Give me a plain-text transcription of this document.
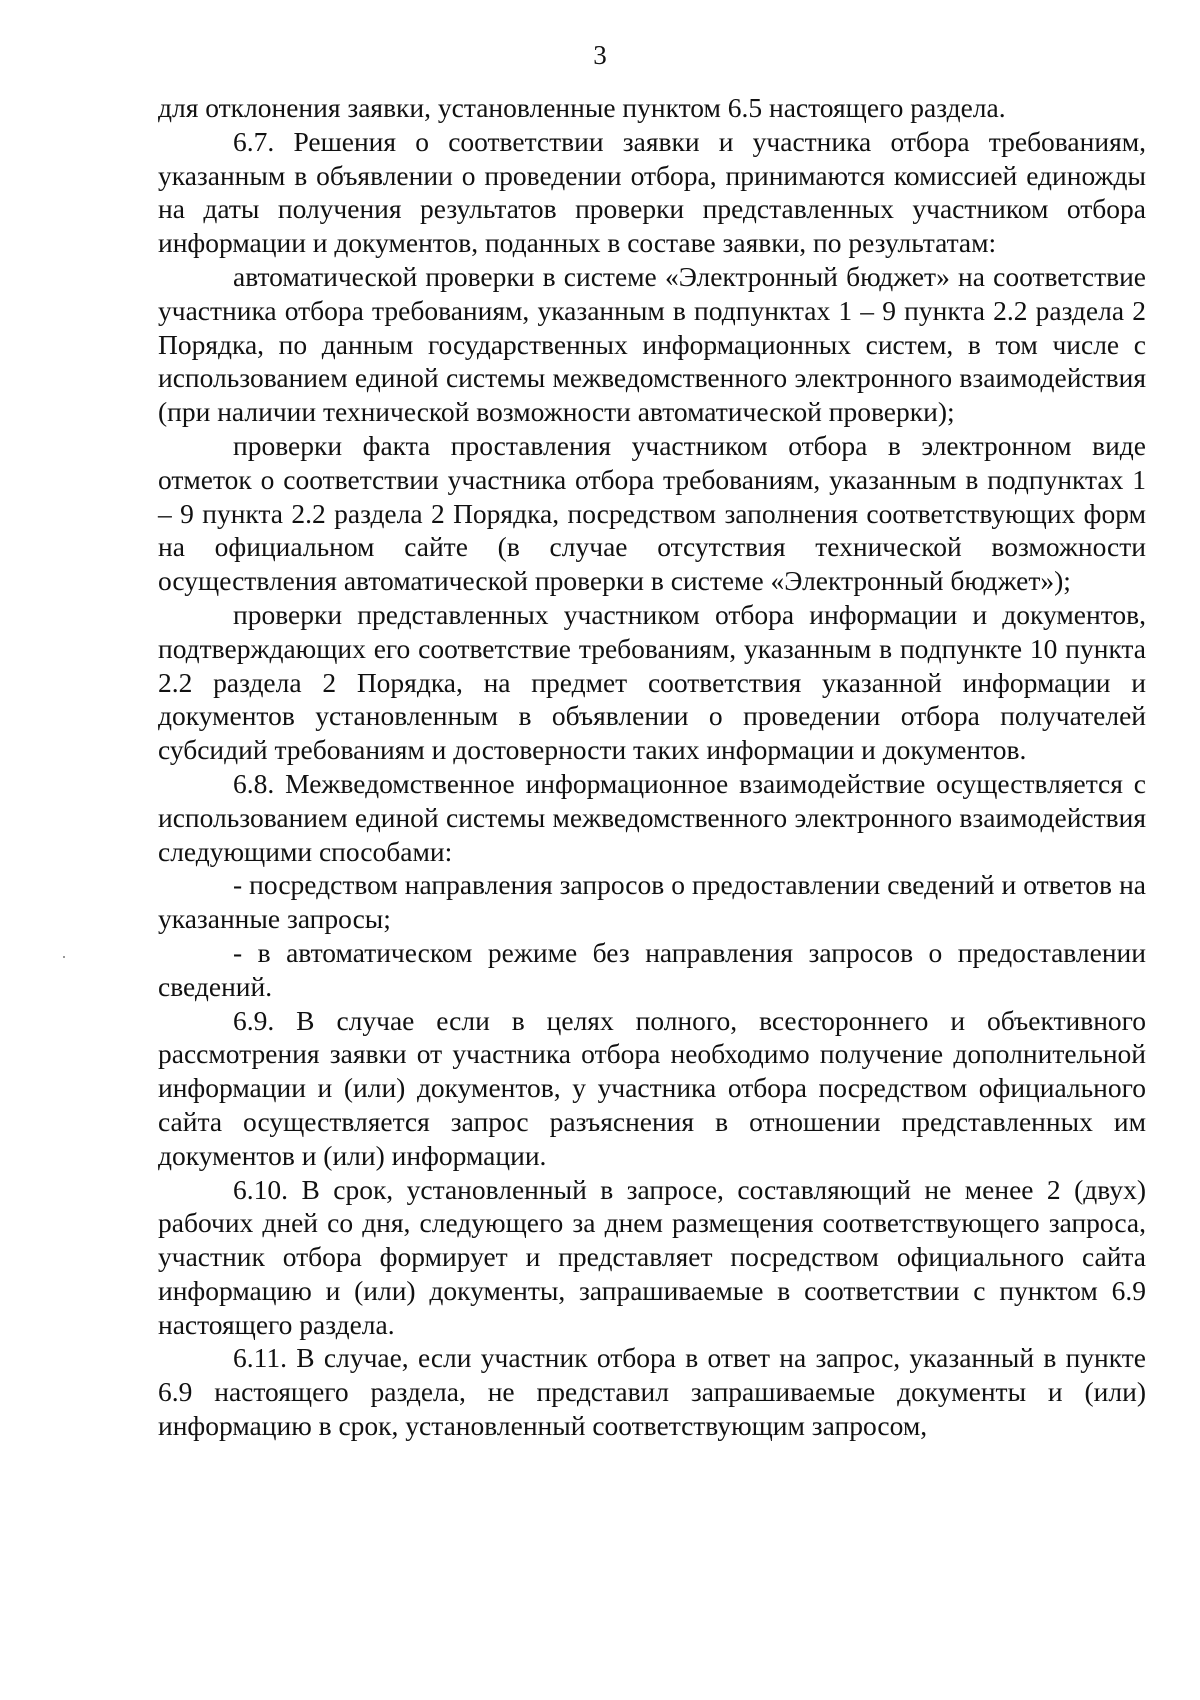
3

для отклонения заявки, установленные пунктом 6.5 настоящего раздела.

6.7. Решения о соответствии заявки и участника отбора требованиям, указанным в объявлении о проведении отбора, принимаются комиссией единожды на даты получения результатов проверки представленных участником отбора информации и документов, поданных в составе заявки, по результатам:

автоматической проверки в системе «Электронный бюджет» на соответствие участника отбора требованиям, указанным в подпунктах 1 – 9 пункта 2.2 раздела 2 Порядка, по данным государственных информационных систем, в том числе с использованием единой системы межведомственного электронного взаимодействия (при наличии технической возможности автоматической проверки);

проверки факта проставления участником отбора в электронном виде отметок о соответствии участника отбора требованиям, указанным в подпунктах 1 – 9 пункта 2.2 раздела 2 Порядка, посредством заполнения соответствующих форм на официальном сайте (в случае отсутствия технической возможности осуществления автоматической проверки в системе «Электронный бюджет»);

проверки представленных участником отбора информации и документов, подтверждающих его соответствие требованиям, указанным в подпункте 10 пункта 2.2 раздела 2 Порядка, на предмет соответствия указанной информации и документов установленным в объявлении о проведении отбора получателей субсидий требованиям и достоверности таких информации и документов.

6.8. Межведомственное информационное взаимодействие осуществляется с использованием единой системы межведомственного электронного взаимодействия следующими способами:

- посредством направления запросов о предоставлении сведений и ответов на указанные запросы;

- в автоматическом режиме без направления запросов о предоставлении сведений.

6.9. В случае если в целях полного, всестороннего и объективного рассмотрения заявки от участника отбора необходимо получение дополнительной информации и (или) документов, у участника отбора посредством официального сайта осуществляется запрос разъяснения в отношении представленных им документов и (или) информации.

6.10. В срок, установленный в запросе, составляющий не менее 2 (двух) рабочих дней со дня, следующего за днем размещения соответствующего запроса, участник отбора формирует и представляет посредством официального сайта информацию и (или) документы, запрашиваемые в соответствии с пунктом 6.9 настоящего раздела.

6.11. В случае, если участник отбора в ответ на запрос, указанный в пункте 6.9 настоящего раздела, не представил запрашиваемые документы и (или) информацию в срок, установленный соответствующим запросом,
